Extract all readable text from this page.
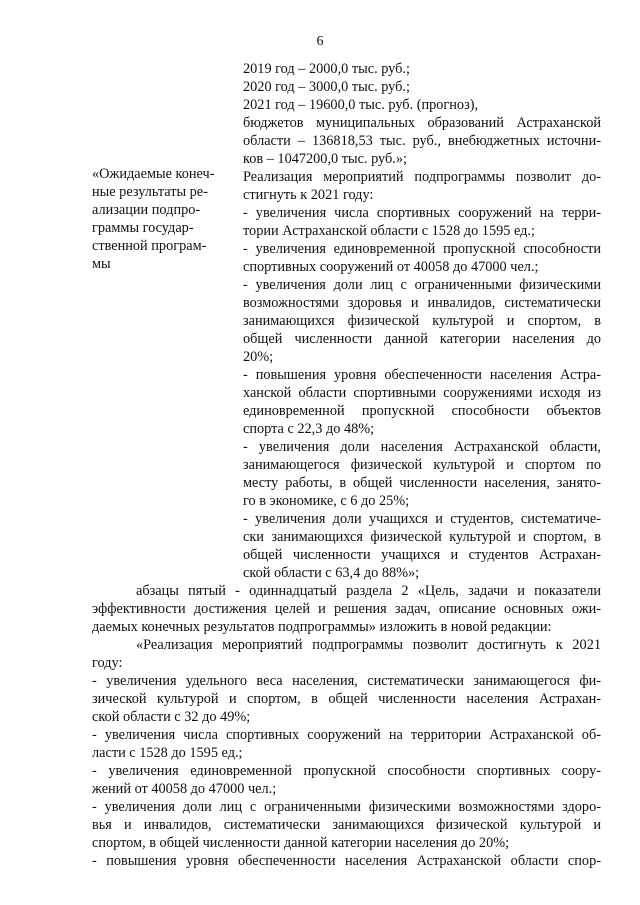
6
2019 год – 2000,0 тыс. руб.;
2020 год – 3000,0 тыс. руб.;
2021 год – 19600,0 тыс. руб. (прогноз),
бюджетов муниципальных образований Астраханской
области – 136818,53 тыс. руб., внебюджетных источни-
ков – 1047200,0 тыс. руб.»;
«Ожидаемые конеч-
ные результаты ре-
ализации подпро-
граммы государ-
ственной програм-
мы
Реализация мероприятий подпрограммы позволит до-
стигнуть к 2021 году:
- увеличения числа спортивных сооружений на терри-
тории Астраханской области с 1528 до 1595 ед.;
- увеличения единовременной пропускной способности
спортивных сооружений от 40058 до 47000 чел.;
- увеличения доли лиц с ограниченными физическими
возможностями здоровья и инвалидов, систематически
занимающихся физической культурой и спортом, в
общей численности данной категории населения до
20%;
- повышения уровня обеспеченности населения Астра-
ханской области спортивными сооружениями исходя из
единовременной пропускной способности объектов
спорта с 22,3 до 48%;
- увеличения доли населения Астраханской области,
занимающегося физической культурой и спортом по
месту работы, в общей численности населения, занято-
го в экономике, с 6 до 25%;
- увеличения доли учащихся и студентов, систематиче-
ски занимающихся физической культурой и спортом, в
общей численности учащихся и студентов Астрахан-
ской области с 63,4 до 88%»;
абзацы пятый - одиннадцатый раздела 2 «Цель, задачи и показатели
эффективности достижения целей и решения задач, описание основных ожи-
даемых конечных результатов подпрограммы» изложить в новой редакции:
«Реализация мероприятий подпрограммы позволит достигнуть к 2021
году:
- увеличения удельного веса населения, систематически занимающегося фи-
зической культурой и спортом, в общей численности населения Астрахан-
ской области с 32 до 49%;
- увеличения числа спортивных сооружений на территории Астраханской об-
ласти с 1528 до 1595 ед.;
- увеличения единовременной пропускной способности спортивных соору-
жений от 40058 до 47000 чел.;
- увеличения доли лиц с ограниченными физическими возможностями здоро-
вья и инвалидов, систематически занимающихся физической культурой и
спортом, в общей численности данной категории населения до 20%;
- повышения уровня обеспеченности населения Астраханской области спор-
